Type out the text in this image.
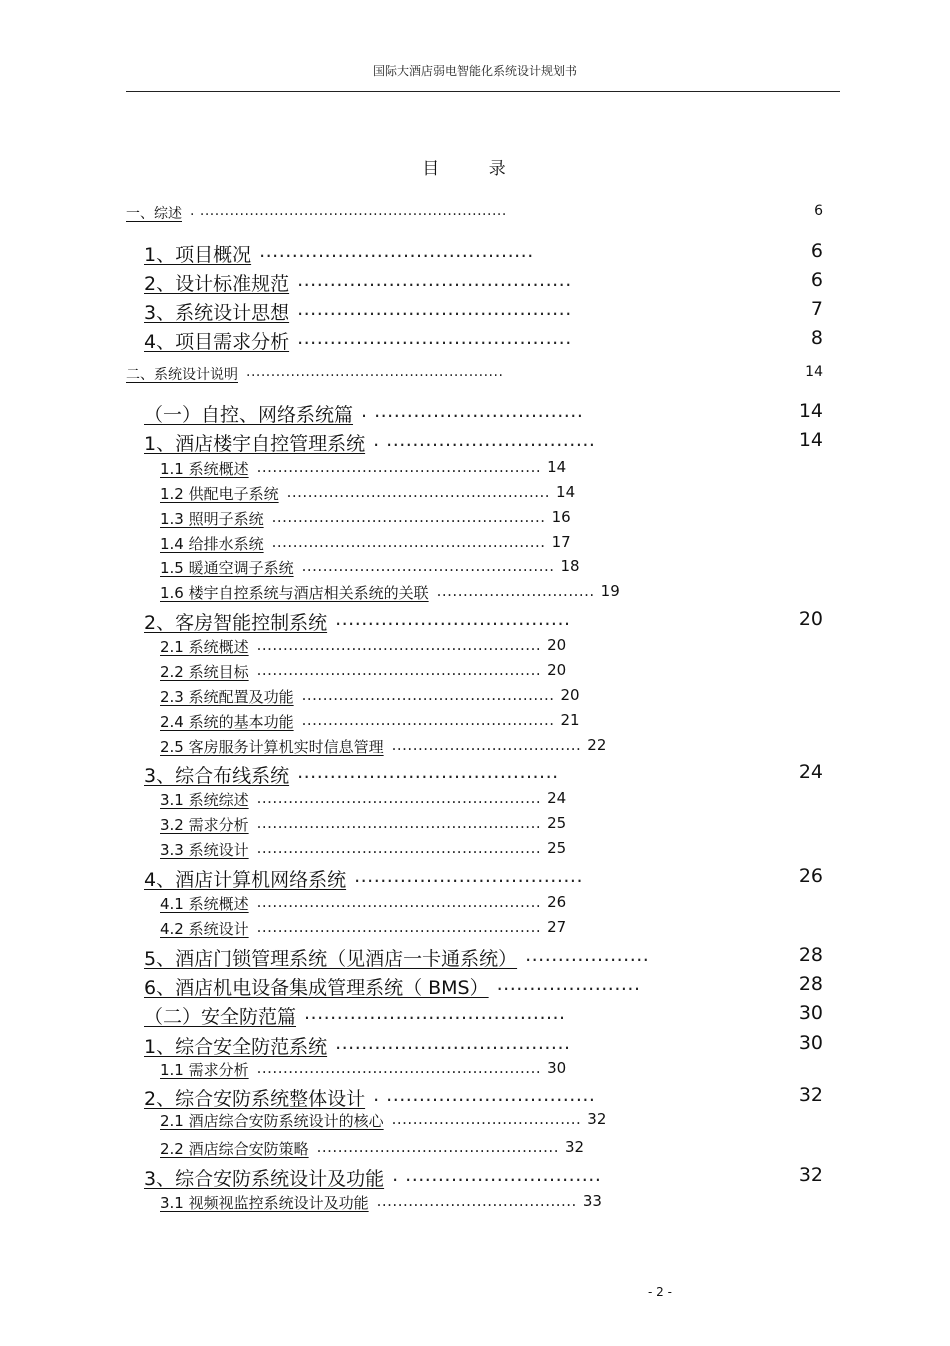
国际大酒店弱电智能化系统设计规划书
目 录
一、综述 . ..............................................................	6
1、项目概况 ..........................................	6
2、设计标准规范 ..........................................	6
3、系统设计思想 ..........................................	7
4、项目需求分析 ..........................................	8
二、系统设计说明 ....................................................	14
（一）自控、网络系统篇 . ................................	14
1、酒店楼宇自控管理系统 . ................................	14
1.1 系统概述 ...................................................... 14
1.2 供配电子系统 .................................................. 14
1.3 照明子系统 .................................................... 16
1.4 给排水系统 .................................................... 17
1.5 暖通空调子系统 ................................................ 18
1.6 楼宇自控系统与酒店相关系统的关联 .............................. 19
2、客房智能控制系统 ....................................	20
2.1 系统概述 ...................................................... 20
2.2 系统目标 ...................................................... 20
2.3 系统配置及功能 ................................................ 20
2.4 系统的基本功能 ................................................ 21
2.5 客房服务计算机实时信息管理 .................................... 22
3、综合布线系统 ........................................	24
3.1 系统综述 ...................................................... 24
3.2 需求分析 ...................................................... 25
3.3 系统设计 ...................................................... 25
4、酒店计算机网络系统 ...................................	26
4.1 系统概述 ...................................................... 26
4.2 系统设计 ...................................................... 27
5、酒店门锁管理系统（见酒店一卡通系统） ...................	28
6、酒店机电设备集成管理系统（ BMS） ......................	28
（二）安全防范篇 ........................................	30
1、综合安全防范系统 ....................................	30
1.1 需求分析 ...................................................... 30
2、综合安防系统整体设计 . ................................	32
2.1 酒店综合安防系统设计的核心 .................................... 32
2.2 酒店综合安防策略 .............................................. 32
3、综合安防系统设计及功能 . ..............................	32
3.1 视频视监控系统设计及功能 ...................................... 33
- 2 -
